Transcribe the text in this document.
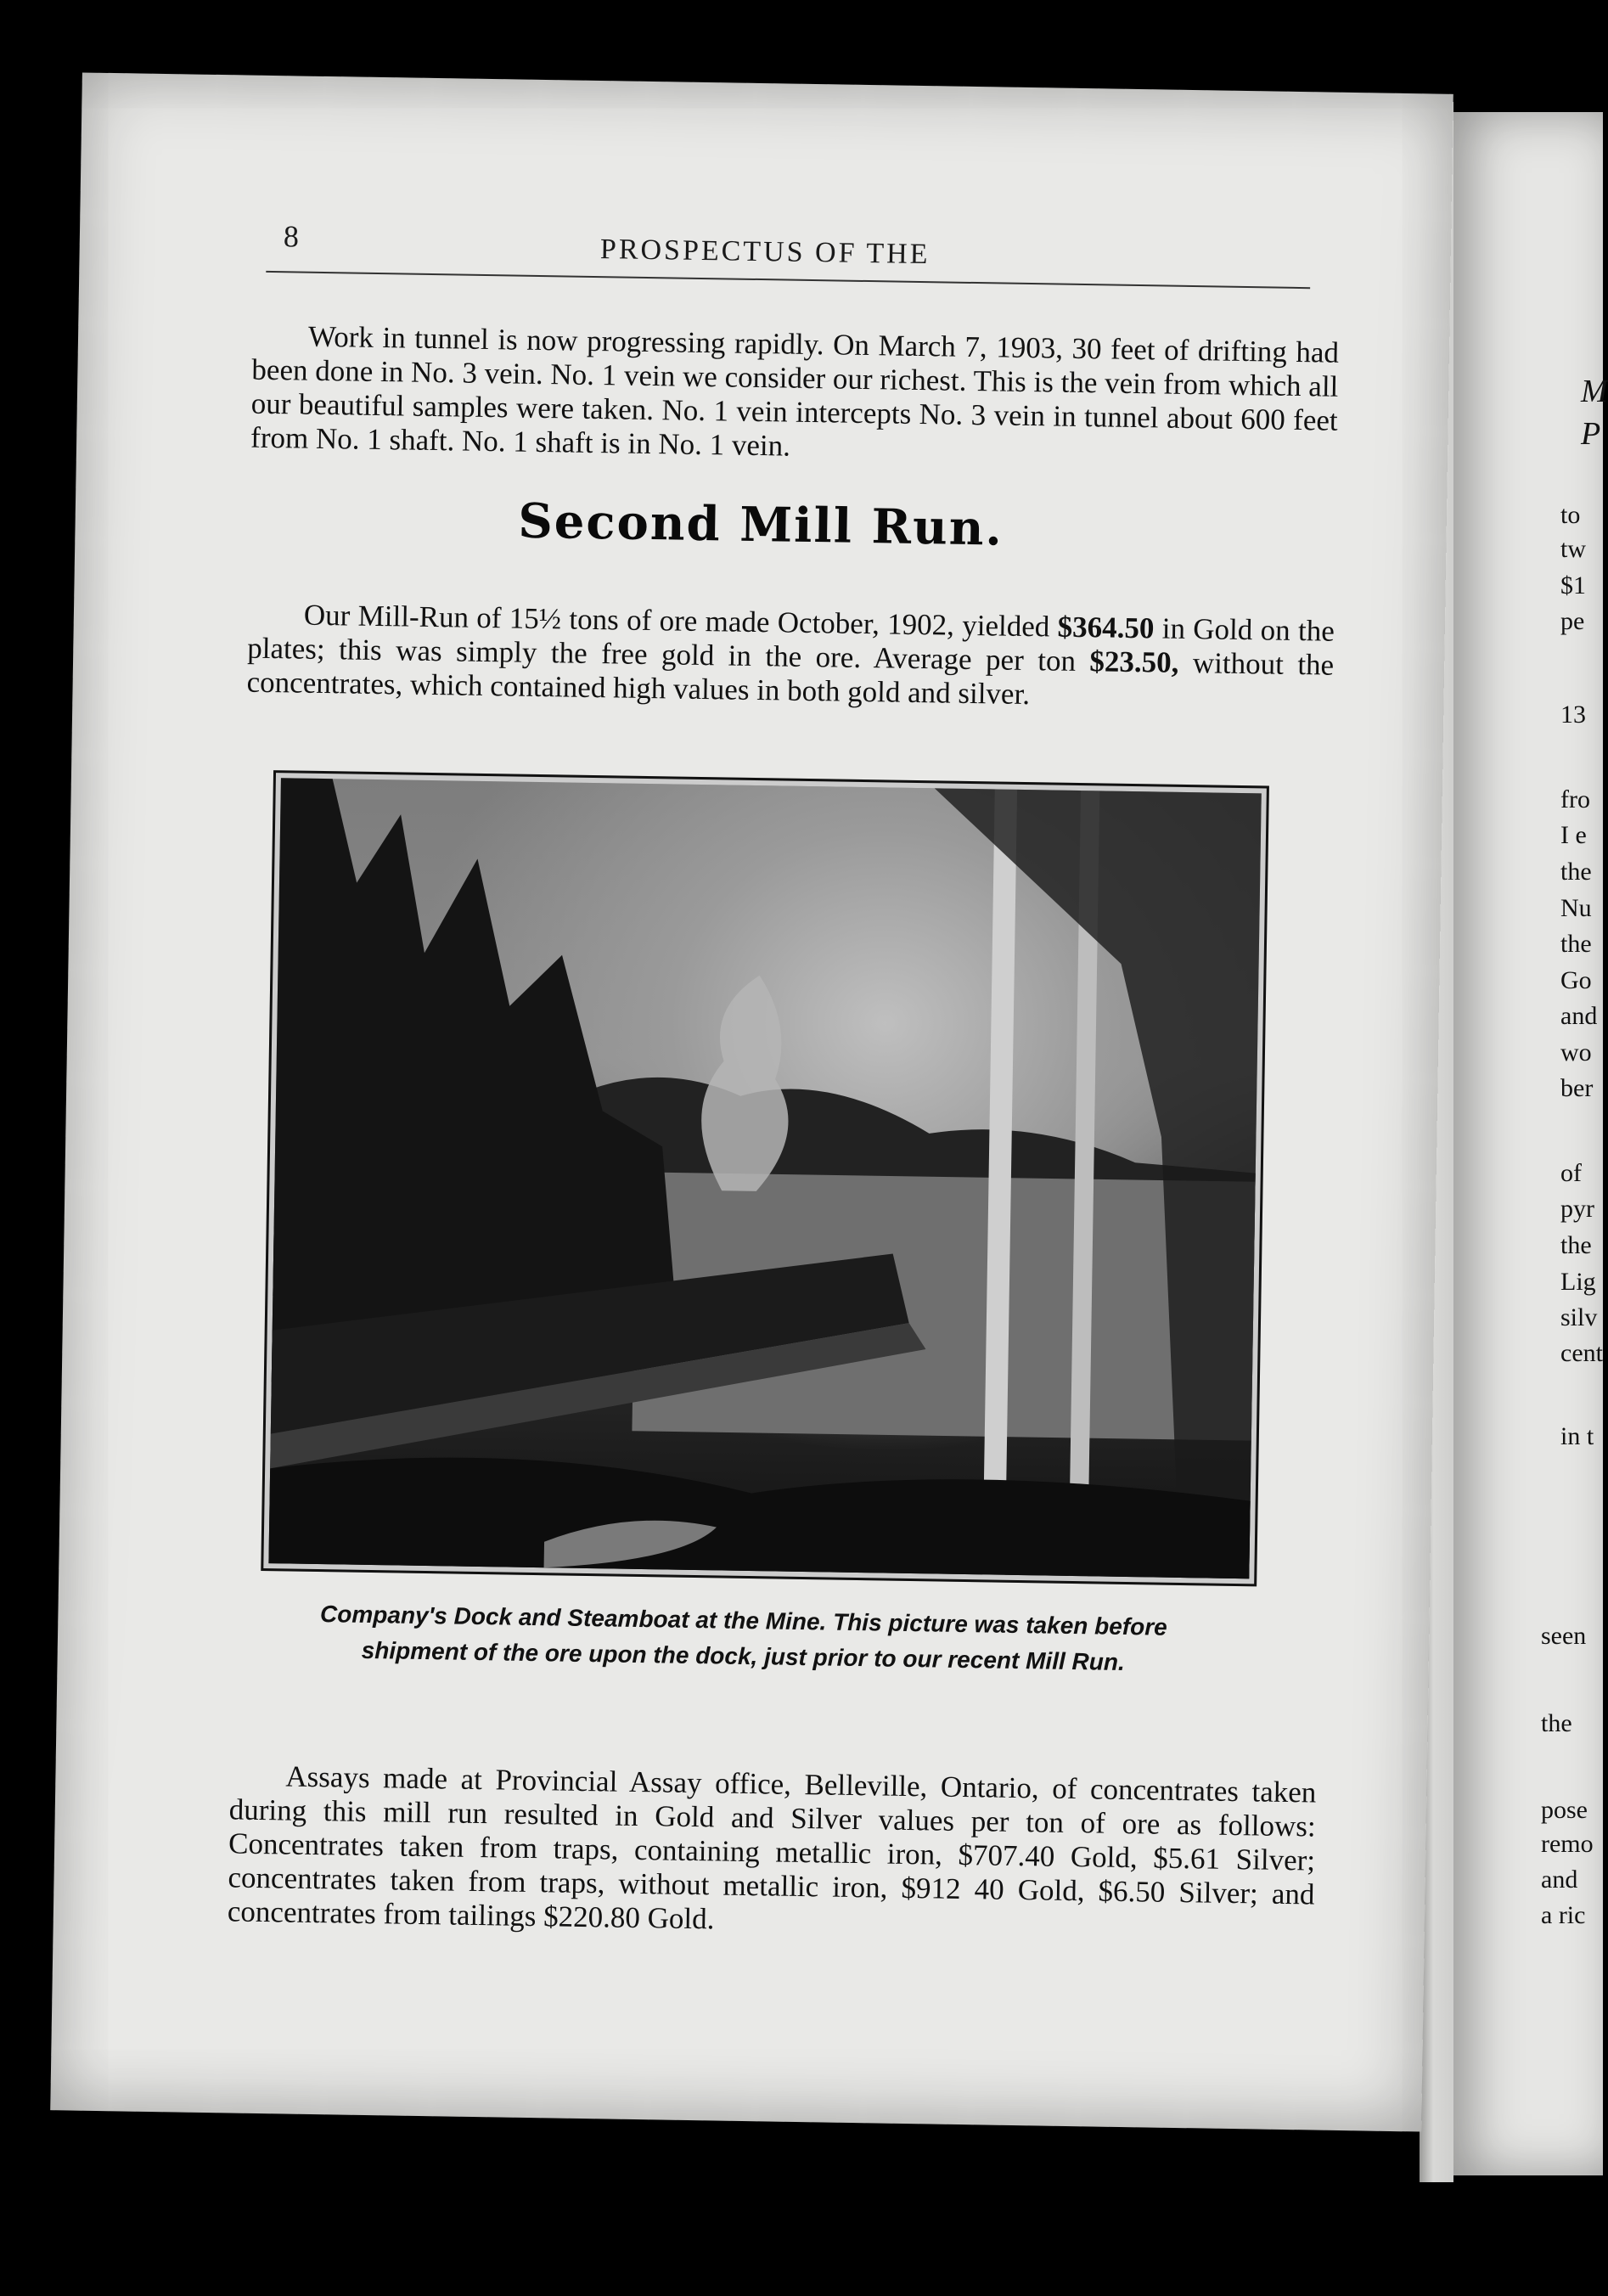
8	PROSPECTUS OF THE

Work in tunnel is now progressing rapidly. On March 7, 1903, 30 feet of drifting had been done in No. 3 vein. No. 1 vein we consider our richest. This is the vein from which all our beautiful samples were taken. No. 1 vein intercepts No. 3 vein in tunnel about 600 feet from No. 1 shaft. No. 1 shaft is in No. 1 vein.

Second Mill Run.

Our Mill-Run of 15½ tons of ore made October, 1902, yielded $364.50 in Gold on the plates; this was simply the free gold in the ore. Average per ton $23.50, without the concentrates, which contained high values in both gold and silver.

Company's Dock and Steamboat at the Mine. This picture was taken before
shipment of the ore upon the dock, just prior to our recent Mill Run.

Assays made at Provincial Assay office, Belleville, Ontario, of concentrates taken during this mill run resulted in Gold and Silver values per ton of ore as follows: Concentrates taken from traps, containing metallic iron, $707.40 Gold, $5.61 Silver; concentrates taken from traps, without metallic iron, $912 40 Gold, $6.50 Silver; and concentrates from tailings $220.80 Gold.

M
P
to
tw
$1
pe
13
fro
I e
the
Nu
the
Go
and
wo
ber
of
pyr
the
Lig
silv
cent
in t
seen
the
pose
remo
and
a ric
